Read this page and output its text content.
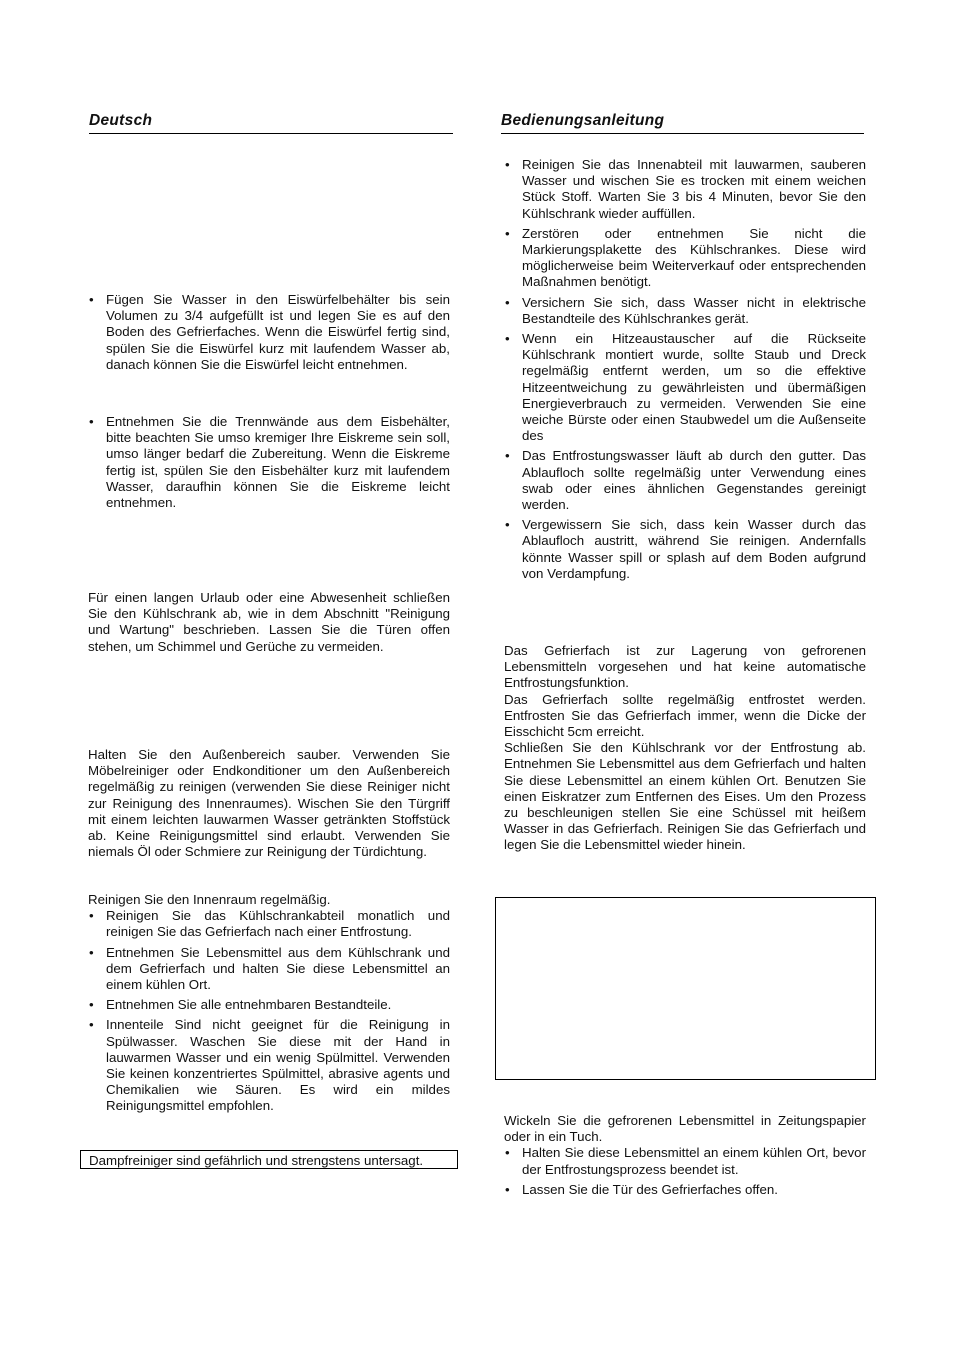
Deutsch	Bedienungsanleitung
• Fügen Sie Wasser in den Eiswürfelbehälter bis sein Volumen zu 3/4 aufgefüllt ist und legen Sie es auf den Boden des Gefrierfaches. Wenn die Eiswürfel fertig sind, spülen Sie die Eiswürfel kurz mit laufendem Wasser ab, danach können Sie die Eiswürfel leicht entnehmen.
• Entnehmen Sie die Trennwände aus dem Eisbehälter, bitte beachten Sie umso kremiger Ihre Eiskreme sein soll, umso länger bedarf die Zubereitung. Wenn die Eiskreme fertig ist, spülen Sie den Eisbehälter kurz mit laufendem Wasser, daraufhin können Sie die Eiskreme leicht entnehmen.

Für einen langen Urlaub oder eine Abwesenheit schließen Sie den Kühlschrank ab, wie in dem Abschnitt "Reinigung und Wartung" beschrieben. Lassen Sie die Türen offen stehen, um Schimmel und Gerüche zu vermeiden.

Halten Sie den Außenbereich sauber. Verwenden Sie Möbelreiniger oder Endkonditioner um den Außenbereich regelmäßig zu reinigen (verwenden Sie diese Reiniger nicht zur Reinigung des Innenraumes). Wischen Sie den Türgriff mit einem leichten lauwarmen Wasser getränkten Stoffstück ab. Keine Reinigungsmittel sind erlaubt. Verwenden Sie niemals Öl oder Schmiere zur Reinigung der Türdichtung.

Reinigen Sie den Innenraum regelmäßig.

• Reinigen Sie das Kühlschrankabteil monatlich und reinigen Sie das Gefrierfach nach einer Entfrostung.
• Entnehmen Sie Lebensmittel aus dem Kühlschrank und dem Gefrierfach und halten Sie diese Lebensmittel an einem kühlen Ort.
• Entnehmen Sie alle entnehmbaren Bestandteile.
• Innenteile Sind nicht geeignet für die Reinigung in Spülwasser. Waschen Sie diese mit der Hand in lauwarmen Wasser und ein wenig Spülmittel. Verwenden Sie keinen konzentriertes Spülmittel, abrasive agents und Chemikalien wie Säuren. Es wird ein mildes Reinigungsmittel empfohlen.
Dampfreiniger sind gefährlich und strengstens untersagt.
• Reinigen Sie das Innenabteil mit lauwarmen, sauberen Wasser und wischen Sie es trocken mit einem weichen Stück Stoff. Warten Sie 3 bis 4 Minuten, bevor Sie den Kühlschrank wieder auffüllen.
• Zerstören oder entnehmen Sie nicht die Markierungsplakette des Kühlschrankes. Diese wird möglicherweise beim Weiterverkauf oder entsprechenden Maßnahmen benötigt.
• Versichern Sie sich, dass Wasser nicht in elektrische Bestandteile des Kühlschrankes gerät.
• Wenn ein Hitzeaustauscher auf die Rückseite Kühlschrank montiert wurde, sollte Staub und Dreck regelmäßig entfernt werden, um so die effektive Hitzeentweichung zu gewährleisten und übermäßigen Energieverbrauch zu vermeiden. Verwenden Sie eine weiche Bürste oder einen Staubwedel um die Außenseite des
• Das Entfrostungswasser läuft ab durch den gutter. Das Ablaufloch sollte regelmäßig unter Verwendung eines swab oder eines ähnlichen Gegenstandes gereinigt werden.
• Vergewissern Sie sich, dass kein Wasser durch das Ablaufloch austritt, während Sie reinigen. Andernfalls könnte Wasser spill or splash auf dem Boden aufgrund von Verdampfung.

Das Gefrierfach ist zur Lagerung von gefrorenen Lebensmitteln vorgesehen und hat keine automatische Entfrostungsfunktion.

Das Gefrierfach sollte regelmäßig entfrostet werden. Entfrosten Sie das Gefrierfach immer, wenn die Dicke der Eisschicht 5cm erreicht.

Schließen Sie den Kühlschrank vor der Entfrostung ab. Entnehmen Sie Lebensmittel aus dem Gefrierfach und halten Sie diese Lebensmittel an einem kühlen Ort. Benutzen Sie einen Eiskratzer zum Entfernen des Eises. Um den Prozess zu beschleunigen stellen Sie eine Schüssel mit heißem Wasser in das Gefrierfach. Reinigen Sie das Gefrierfach und legen Sie die Lebensmittel wieder hinein.

Wickeln Sie die gefrorenen Lebensmittel in Zeitungspapier oder in ein Tuch.

• Halten Sie diese Lebensmittel an einem kühlen Ort, bevor der Entfrostungsprozess beendet ist.
• Lassen Sie die Tür des Gefrierfaches offen.
